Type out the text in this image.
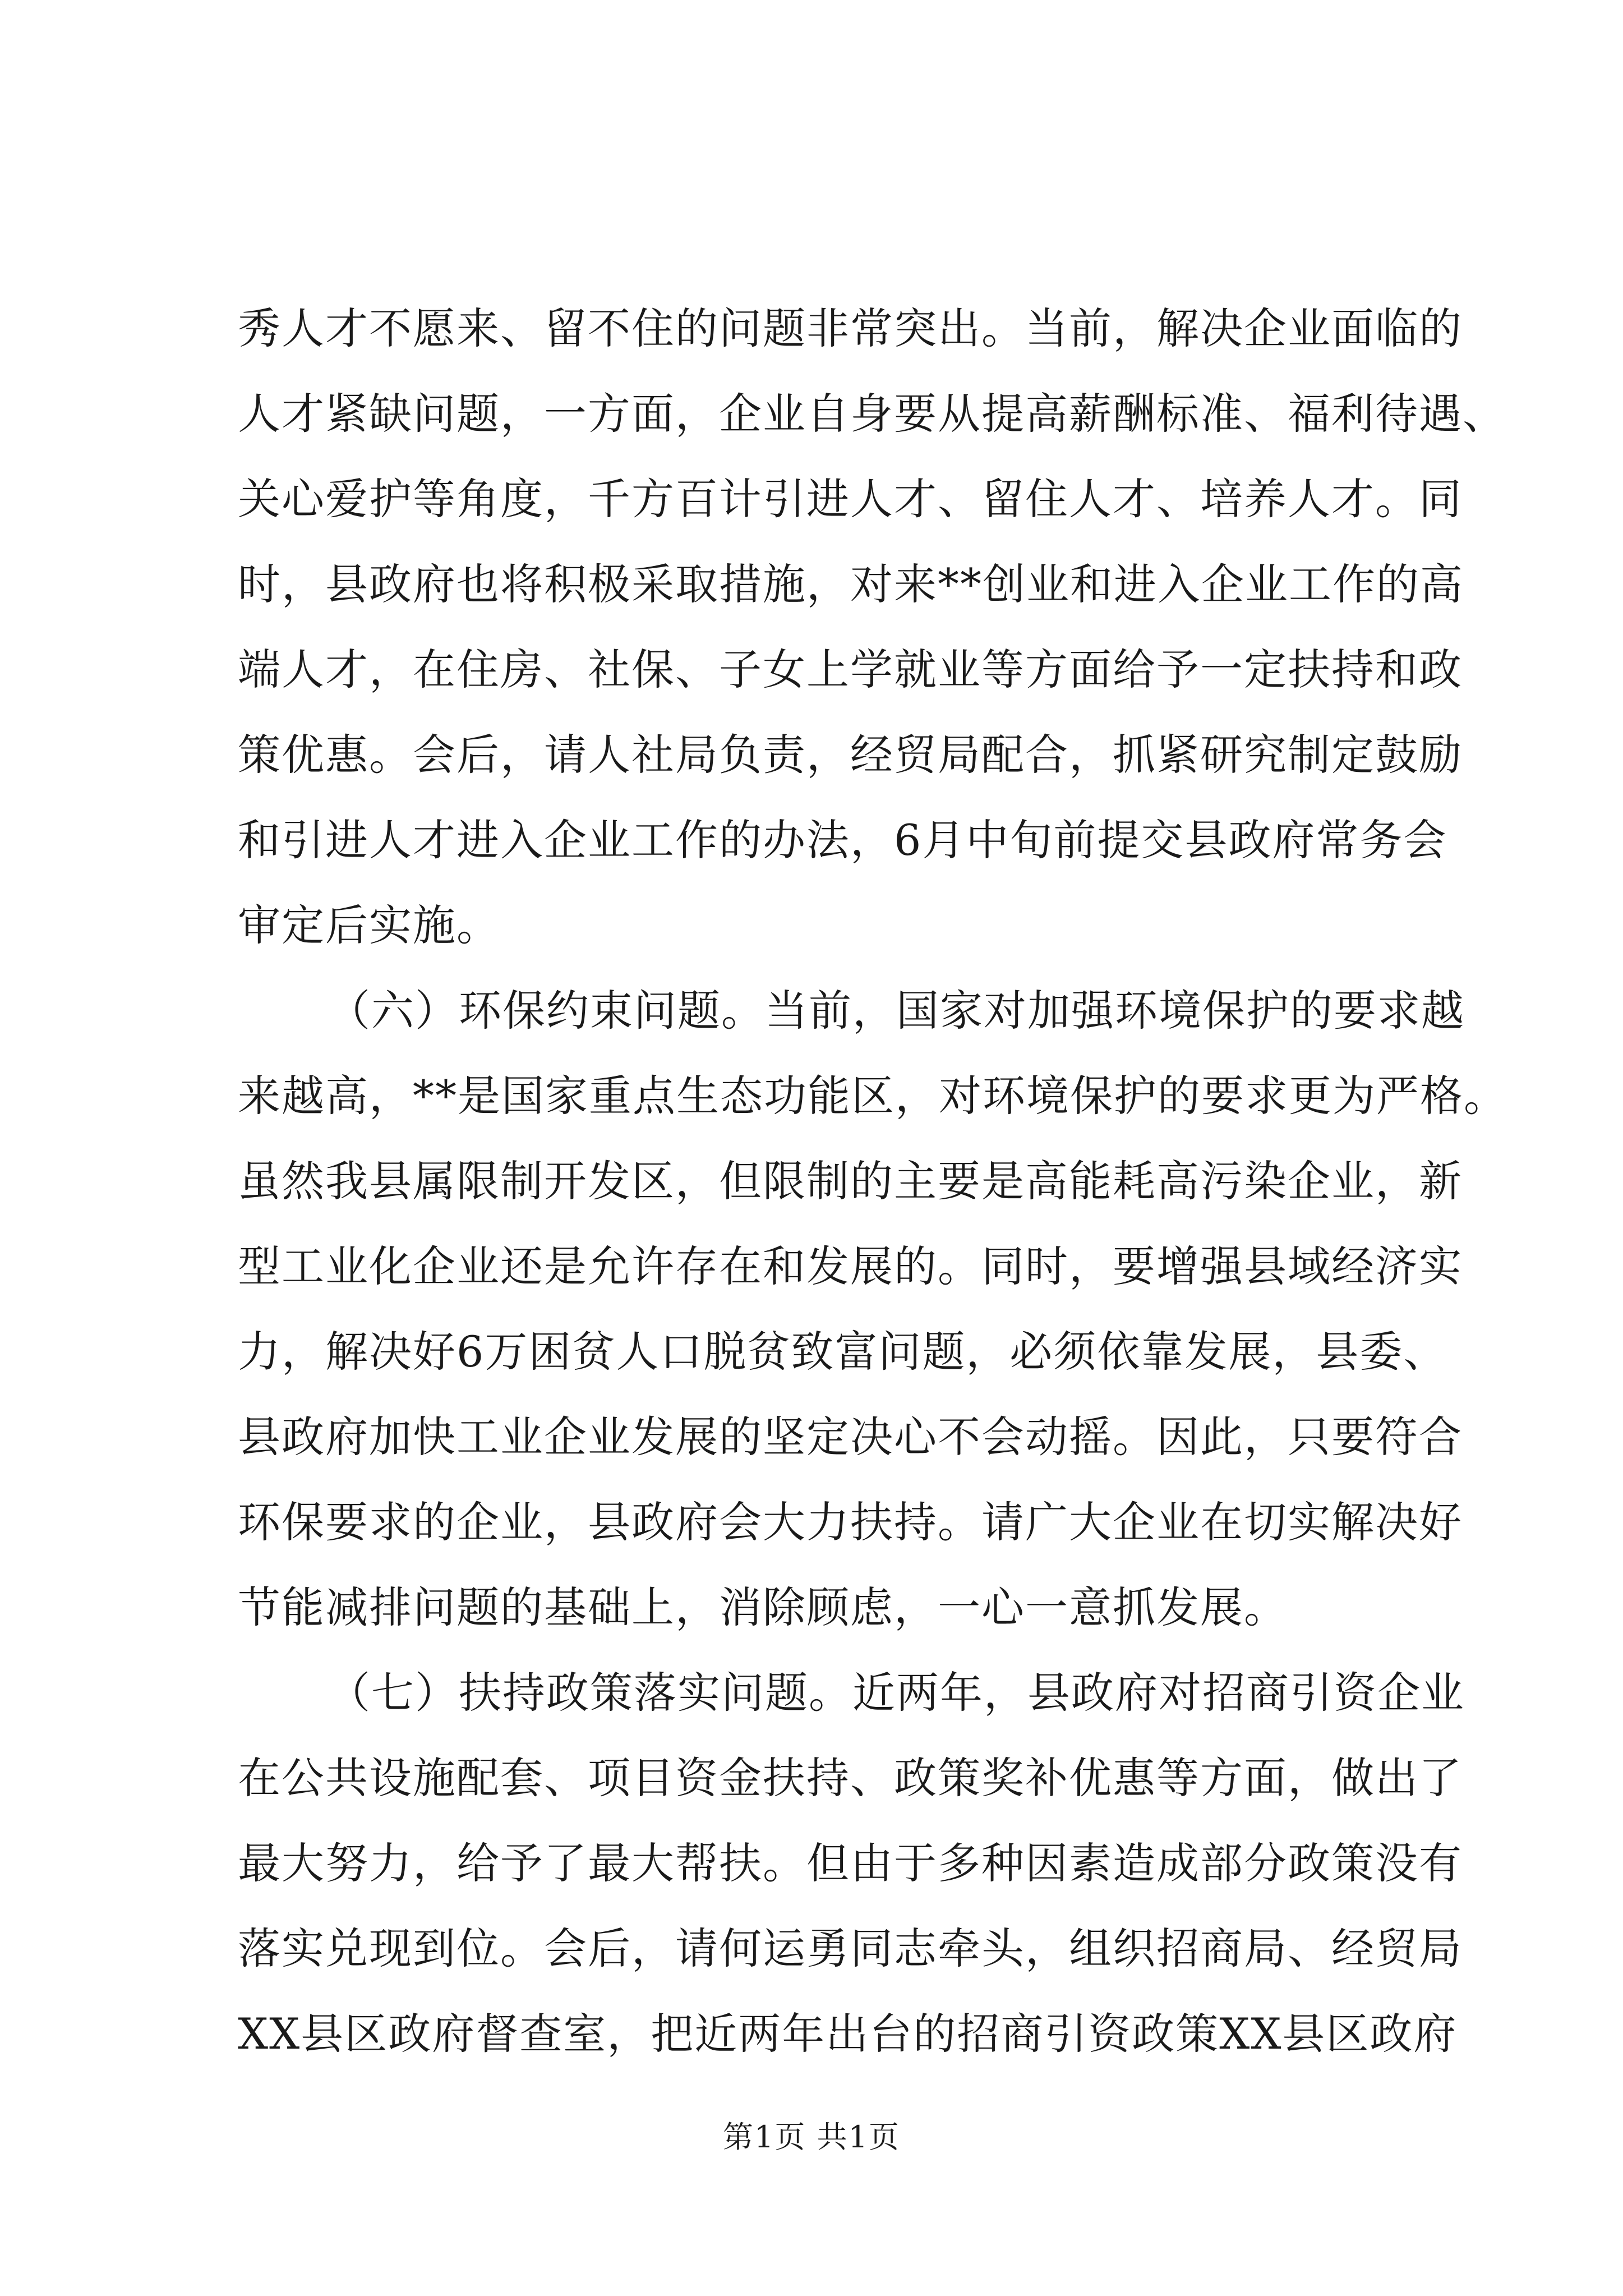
秀人才不愿来、留不住的问题非常突出。当前，解决企业面临的
人才紧缺问题，一方面，企业自身要从提高薪酬标准、福利待遇、
关心爱护等角度，千方百计引进人才、留住人才、培养人才。同
时，县政府也将积极采取措施，对来**创业和进入企业工作的高
端人才，在住房、社保、子女上学就业等方面给予一定扶持和政
策优惠。会后，请人社局负责，经贸局配合，抓紧研究制定鼓励
和引进人才进入企业工作的办法，6月中旬前提交县政府常务会
审定后实施。
（六）环保约束问题。当前，国家对加强环境保护的要求越
来越高，**是国家重点生态功能区，对环境保护的要求更为严格。
虽然我县属限制开发区，但限制的主要是高能耗高污染企业，新
型工业化企业还是允许存在和发展的。同时，要增强县域经济实
力，解决好6万困贫人口脱贫致富问题，必须依靠发展，县委、
县政府加快工业企业发展的坚定决心不会动摇。因此，只要符合
环保要求的企业，县政府会大力扶持。请广大企业在切实解决好
节能减排问题的基础上，消除顾虑，一心一意抓发展。
（七）扶持政策落实问题。近两年，县政府对招商引资企业
在公共设施配套、项目资金扶持、政策奖补优惠等方面，做出了
最大努力，给予了最大帮扶。但由于多种因素造成部分政策没有
落实兑现到位。会后，请何运勇同志牵头，组织招商局、经贸局
XX县区政府督查室，把近两年出台的招商引资政策XX县区政府
第1页 共1页
